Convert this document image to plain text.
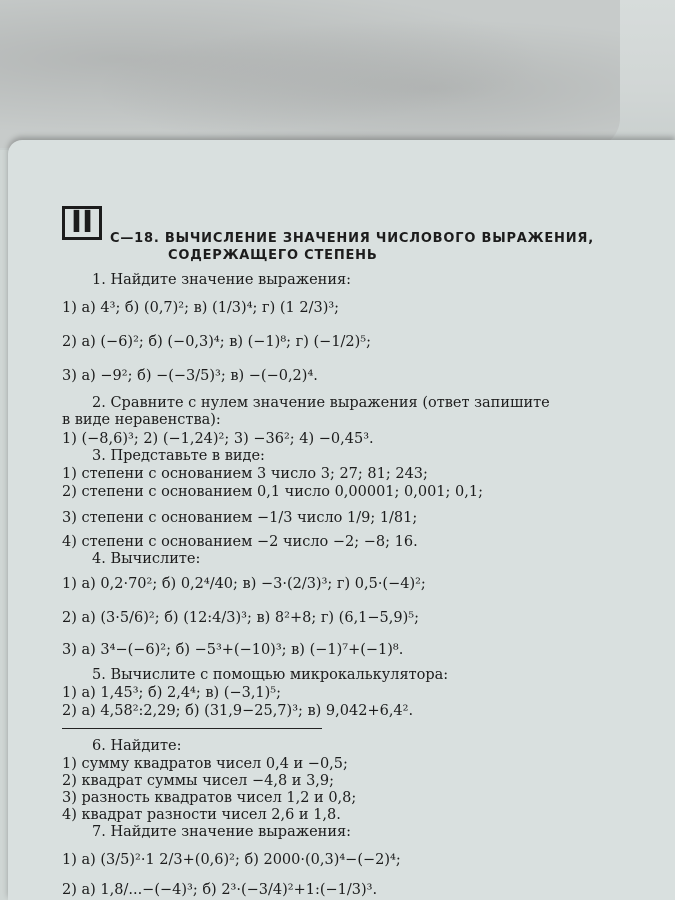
II	С—18. ВЫЧИСЛЕНИЕ ЗНАЧЕНИЯ ЧИСЛОВОГО ВЫРАЖЕНИЯ,
СОДЕРЖАЩЕГО СТЕПЕНЬ
1. Найдите значение выражения:
1) а) 4³; б) (0,7)²; в) (1/3)⁴; г) (1 2/3)³;
2) а) (−6)²; б) (−0,3)⁴; в) (−1)⁸; г) (−1/2)⁵;
3) а) −9²; б) −(−3/5)³; в) −(−0,2)⁴.
2. Сравните с нулем значение выражения (ответ запишите
в виде неравенства):
1) (−8,6)³; 2) (−1,24)²; 3) −36²; 4) −0,45³.
3. Представьте в виде:
1) степени с основанием 3 число 3; 27; 81; 243;
2) степени с основанием 0,1 число 0,00001; 0,001; 0,1;
3) степени с основанием −1/3 число 1/9; 1/81;
4) степени с основанием −2 число −2; −8; 16.
4. Вычислите:
1) а) 0,2·70²; б) 0,2⁴/40; в) −3·(2/3)³; г) 0,5·(−4)²;
2) а) (3·5/6)²; б) (12:4/3)³; в) 8²+8; г) (6,1−5,9)⁵;
3) а) 3⁴−(−6)²; б) −5³+(−10)³; в) (−1)⁷+(−1)⁸.
5. Вычислите с помощью микрокалькулятора:
1) а) 1,45³; б) 2,4⁴; в) (−3,1)⁵;
2) а) 4,58²:2,29; б) (31,9−25,7)³; в) 9,042+6,4².
6. Найдите:
1) сумму квадратов чисел 0,4 и −0,5;
2) квадрат суммы чисел −4,8 и 3,9;
3) разность квадратов чисел 1,2 и 0,8;
4) квадрат разности чисел 2,6 и 1,8.
7. Найдите значение выражения:
1) а) (3/5)²·1 2/3+(0,6)²; б) 2000·(0,3)⁴−(−2)⁴;
2) а) 1,8/...−(−4)³; б) 2³·(−3/4)²+1:(−1/3)³.
